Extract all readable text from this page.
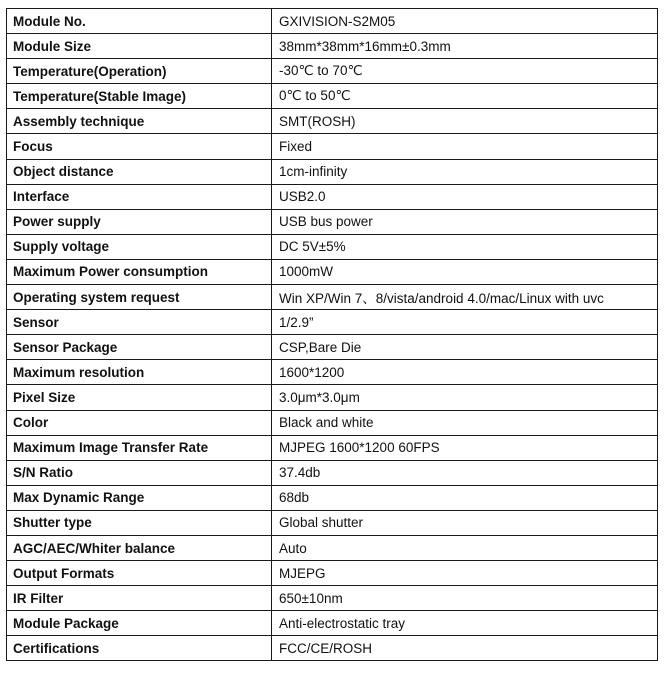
Module No.	GXIVISION-S2M05
Module Size	38mm*38mm*16mm±0.3mm
Temperature(Operation)	-30℃ to 70℃
Temperature(Stable Image)	0℃ to 50℃
Assembly technique	SMT(ROSH)
Focus	Fixed
Object distance	1cm-infinity
Interface	USB2.0
Power supply	USB bus power
Supply voltage	DC 5V±5%
Maximum Power consumption	1000mW
Operating system request	Win XP/Win 7、8/vista/android 4.0/mac/Linux with uvc
Sensor	1/2.9”
Sensor Package	CSP,Bare Die
Maximum resolution	1600*1200
Pixel Size	3.0μm*3.0μm
Color	Black and white
Maximum Image Transfer Rate	MJPEG 1600*1200 60FPS
S/N Ratio	37.4db
Max Dynamic Range	68db
Shutter type	Global shutter
AGC/AEC/Whiter balance	Auto
Output Formats	MJEPG
IR Filter	650±10nm
Module Package	Anti-electrostatic tray
Certifications	FCC/CE/ROSH
